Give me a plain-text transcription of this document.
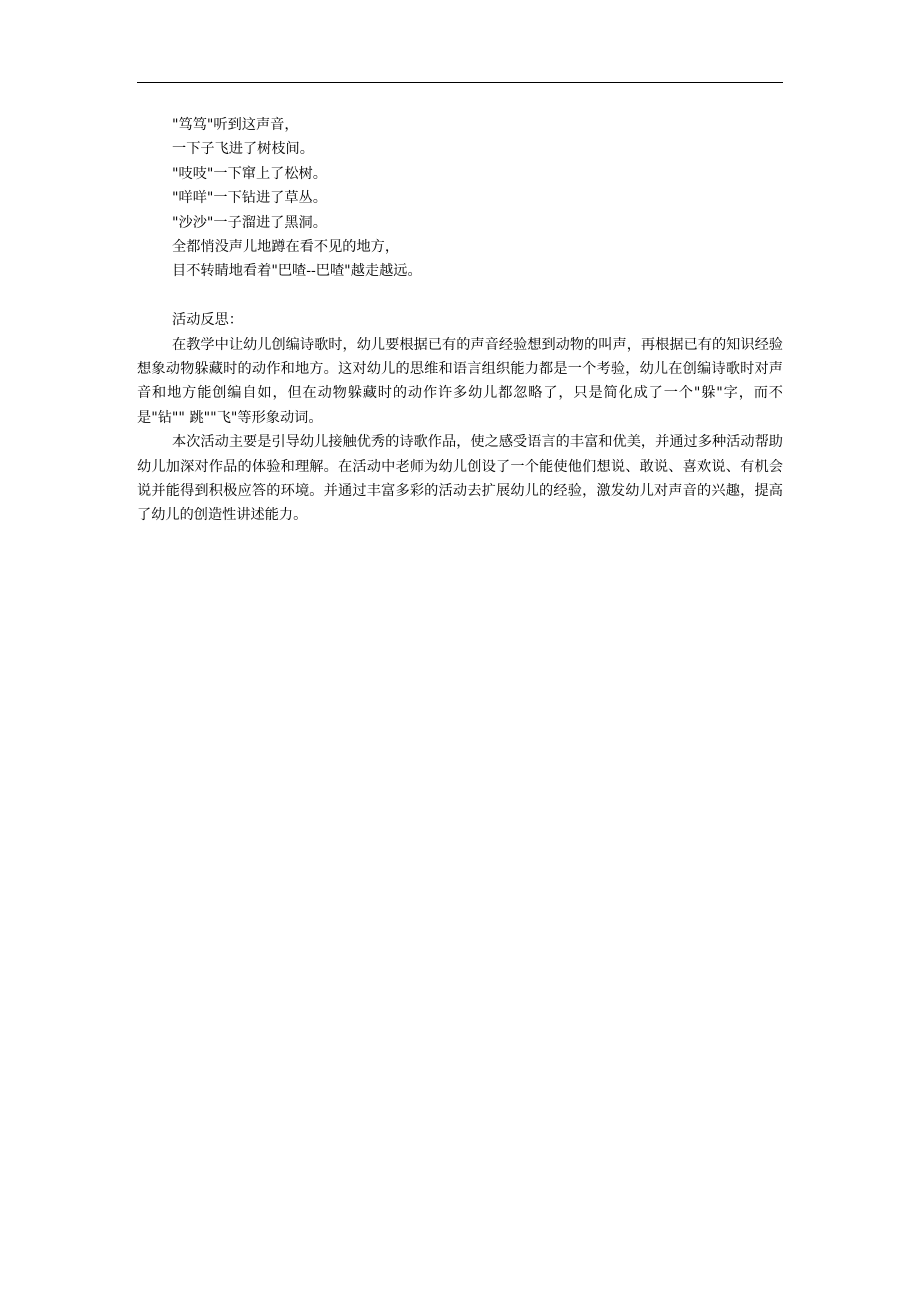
"笃笃"听到这声音，
一下子飞进了树枝间。
"吱吱"一下窜上了松树。
"咩咩"一下钻进了草丛。
"沙沙"一子溜进了黑洞。
全都悄没声儿地蹲在看不见的地方，
目不转睛地看着"巴喳--巴喳"越走越远。
活动反思：

在教学中让幼儿创编诗歌时，幼儿要根据已有的声音经验想到动物的叫声，再根据已有的知识经验想象动物躲藏时的动作和地方。这对幼儿的思维和语言组织能力都是一个考验，幼儿在创编诗歌时对声音和地方能创编自如，但在动物躲藏时的动作许多幼儿都忽略了，只是简化成了一个"躲"字，而不是"钻"" 跳""飞"等形象动词。

本次活动主要是引导幼儿接触优秀的诗歌作品，使之感受语言的丰富和优美，并通过多种活动帮助幼儿加深对作品的体验和理解。在活动中老师为幼儿创设了一个能使他们想说、敢说、喜欢说、有机会说并能得到积极应答的环境。并通过丰富多彩的活动去扩展幼儿的经验，激发幼儿对声音的兴趣，提高了幼儿的创造性讲述能力。
